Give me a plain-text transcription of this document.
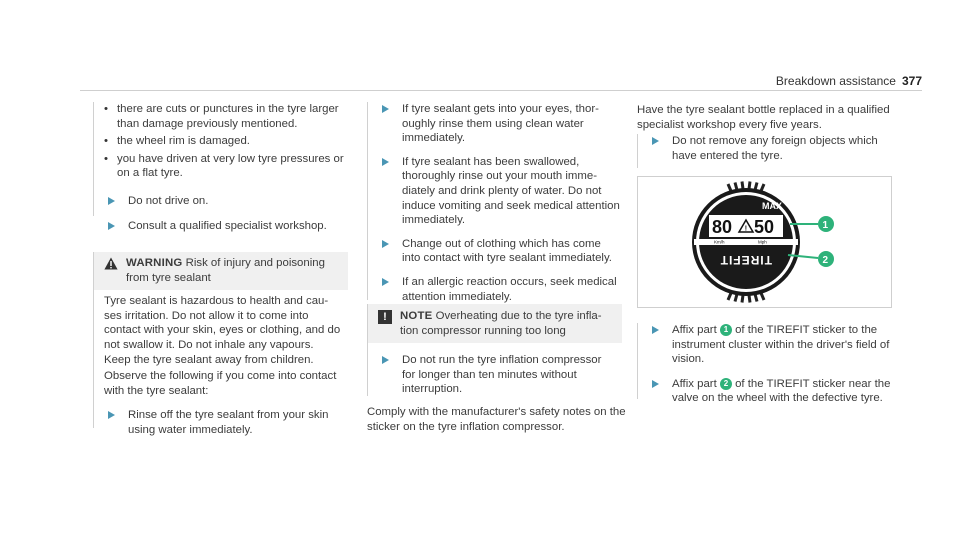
Breakdown assistance 377
• there are cuts or punctures in the tyre larger than damage previously mentioned.
• the wheel rim is damaged.
• you have driven at very low tyre pressures or on a flat tyre.
Do not drive on.
Consult a qualified specialist workshop.
WARNING Risk of injury and poisoning from tyre sealant
Tyre sealant is hazardous to health and causes irritation. Do not allow it to come into contact with your skin, eyes or clothing, and do not swallow it. Do not inhale any vapours. Keep the tyre sealant away from children.
Observe the following if you come into contact with the tyre sealant:
Rinse off the tyre sealant from your skin using water immediately.
If tyre sealant gets into your eyes, thoroughly rinse them using clean water immediately.
If tyre sealant has been swallowed, thoroughly rinse out your mouth immediately and drink plenty of water. Do not induce vomiting and seek medical attention immediately.
Change out of clothing which has come into contact with tyre sealant immediately.
If an allergic reaction occurs, seek medical attention immediately.
!	NOTE Overheating due to the tyre inflation compressor running too long
Do not run the tyre inflation compressor for longer than ten minutes without interruption.
Comply with the manufacturer's safety notes on the sticker on the tyre inflation compressor.
Have the tyre sealant bottle replaced in a qualified specialist workshop every five years.
Do not remove any foreign objects which have entered the tyre.
MAX
80 ! 50
Km/h	Mph
TIREFIT
1
2
Affix part 1 of the TIREFIT sticker to the instrument cluster within the driver's field of vision.
Affix part 2 of the TIREFIT sticker near the valve on the wheel with the defective tyre.
